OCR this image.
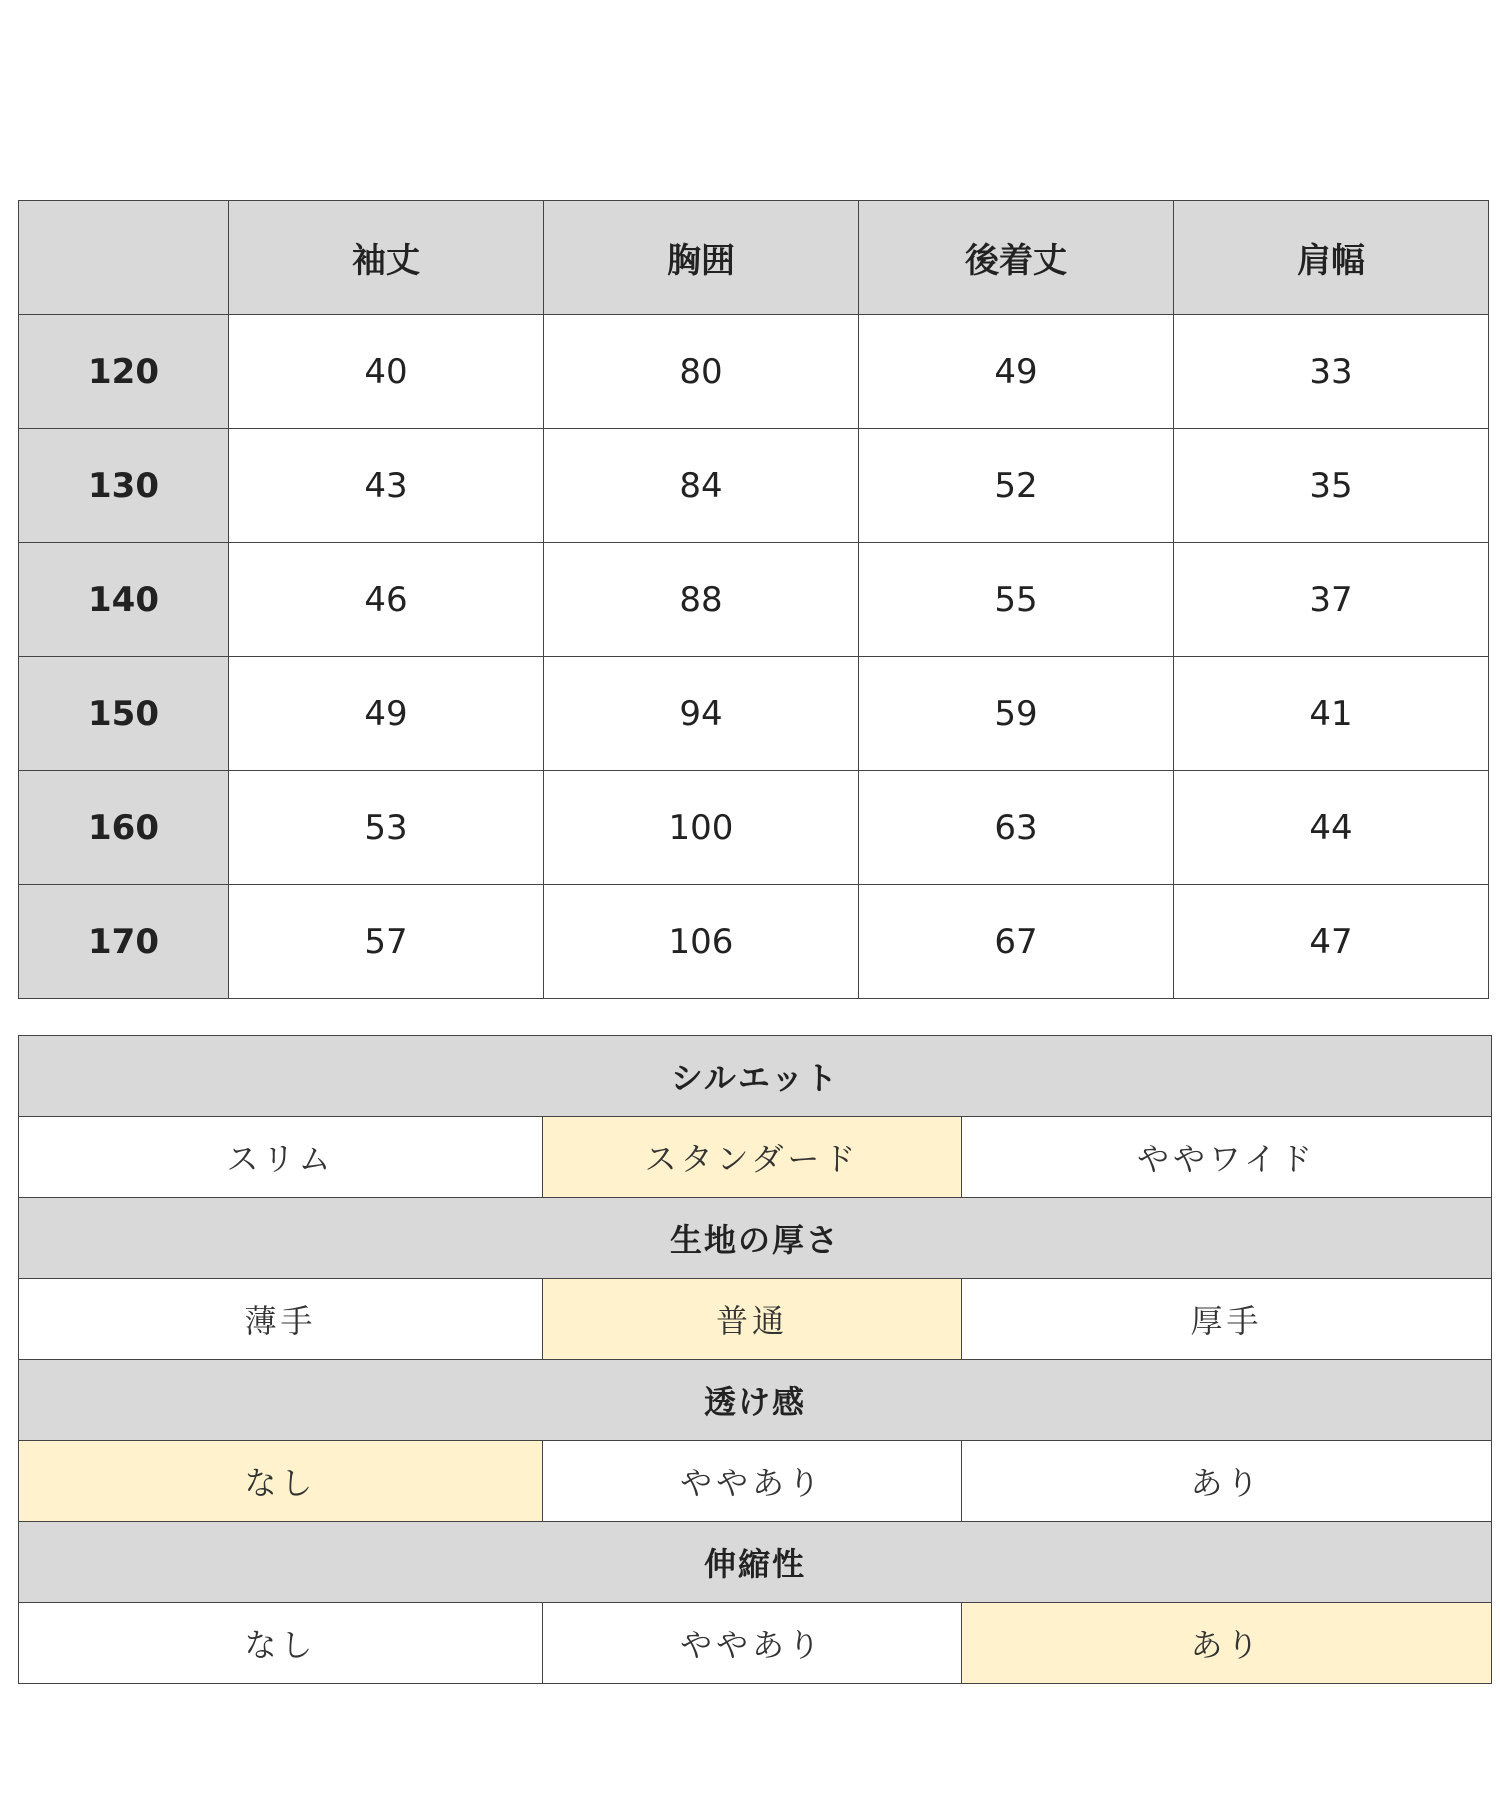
	袖丈	胸囲	後着丈	肩幅
120	40	80	49	33
130	43	84	52	35
140	46	88	55	37
150	49	94	59	41
160	53	100	63	44
170	57	106	67	47
シルエット		
スリム	スタンダード	ややワイド
生地の厚さ		
薄手	普通	厚手
透け感		
なし	ややあり	あり
伸縮性		
なし	ややあり	あり
